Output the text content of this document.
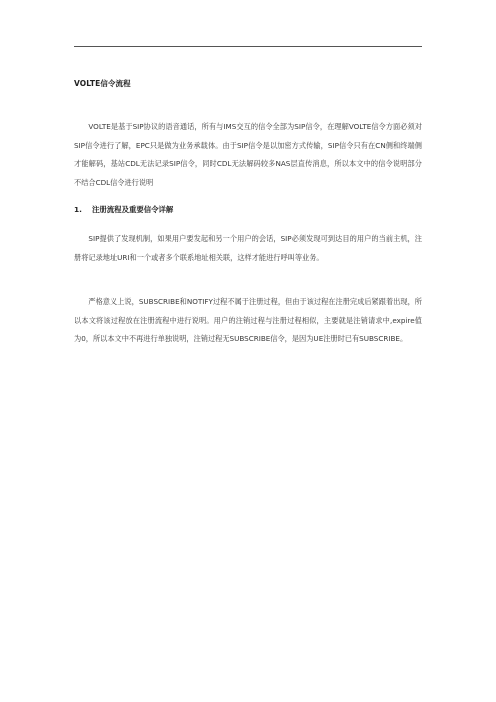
VOLTE信令流程

VOLTE是基于SIP协议的语音通话，所有与IMS交互的信令全部为SIP信令，在理解VOLTE信令方面必须对SIP信令进行了解，EPC只是做为业务承载体。由于SIP信令是以加密方式传输，SIP信令只有在CN侧和终端侧才能解码，基站CDL无法记录SIP信令，同时CDL无法解码较多NAS层直传消息，所以本文中的信令说明部分不结合CDL信令进行说明

1. 注册流程及重要信令详解

SIP提供了发现机制，如果用户要发起和另一个用户的会话，SIP必须发现可到达目的用户的当前主机，注册将记录地址URI和一个或者多个联系地址相关联，这样才能进行呼叫等业务。

严格意义上说，SUBSCRIBE和NOTIFY过程不属于注册过程，但由于该过程在注册完成后紧跟着出现，所以本文将该过程放在注册流程中进行说明。用户的注销过程与注册过程相似，主要就是注销请求中,expire值为0，所以本文中不再进行单独说明，注销过程无SUBSCRIBE信令，是因为UE注册时已有SUBSCRIBE。
